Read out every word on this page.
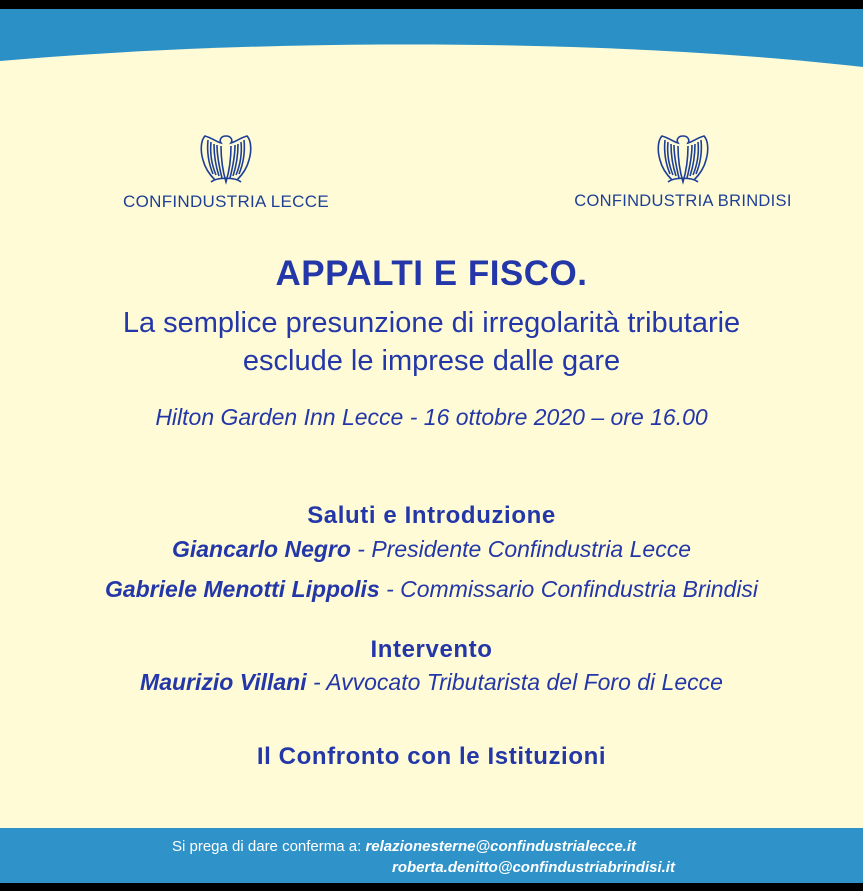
CONFINDUSTRIA LECCE	CONFINDUSTRIA BRINDISI
APPALTI E FISCO.
La semplice presunzione di irregolarità tributarie
esclude le imprese dalle gare
Hilton Garden Inn Lecce - 16 ottobre 2020 – ore 16.00
Saluti e Introduzione
Giancarlo Negro - Presidente Confindustria Lecce
Gabriele Menotti Lippolis - Commissario Confindustria Brindisi
Intervento
Maurizio Villani - Avvocato Tributarista del Foro di Lecce
Il Confronto con le Istituzioni
Si prega di dare conferma a: relazionesterne@confindustrialecce.it
roberta.denitto@confindustriabrindisi.it
